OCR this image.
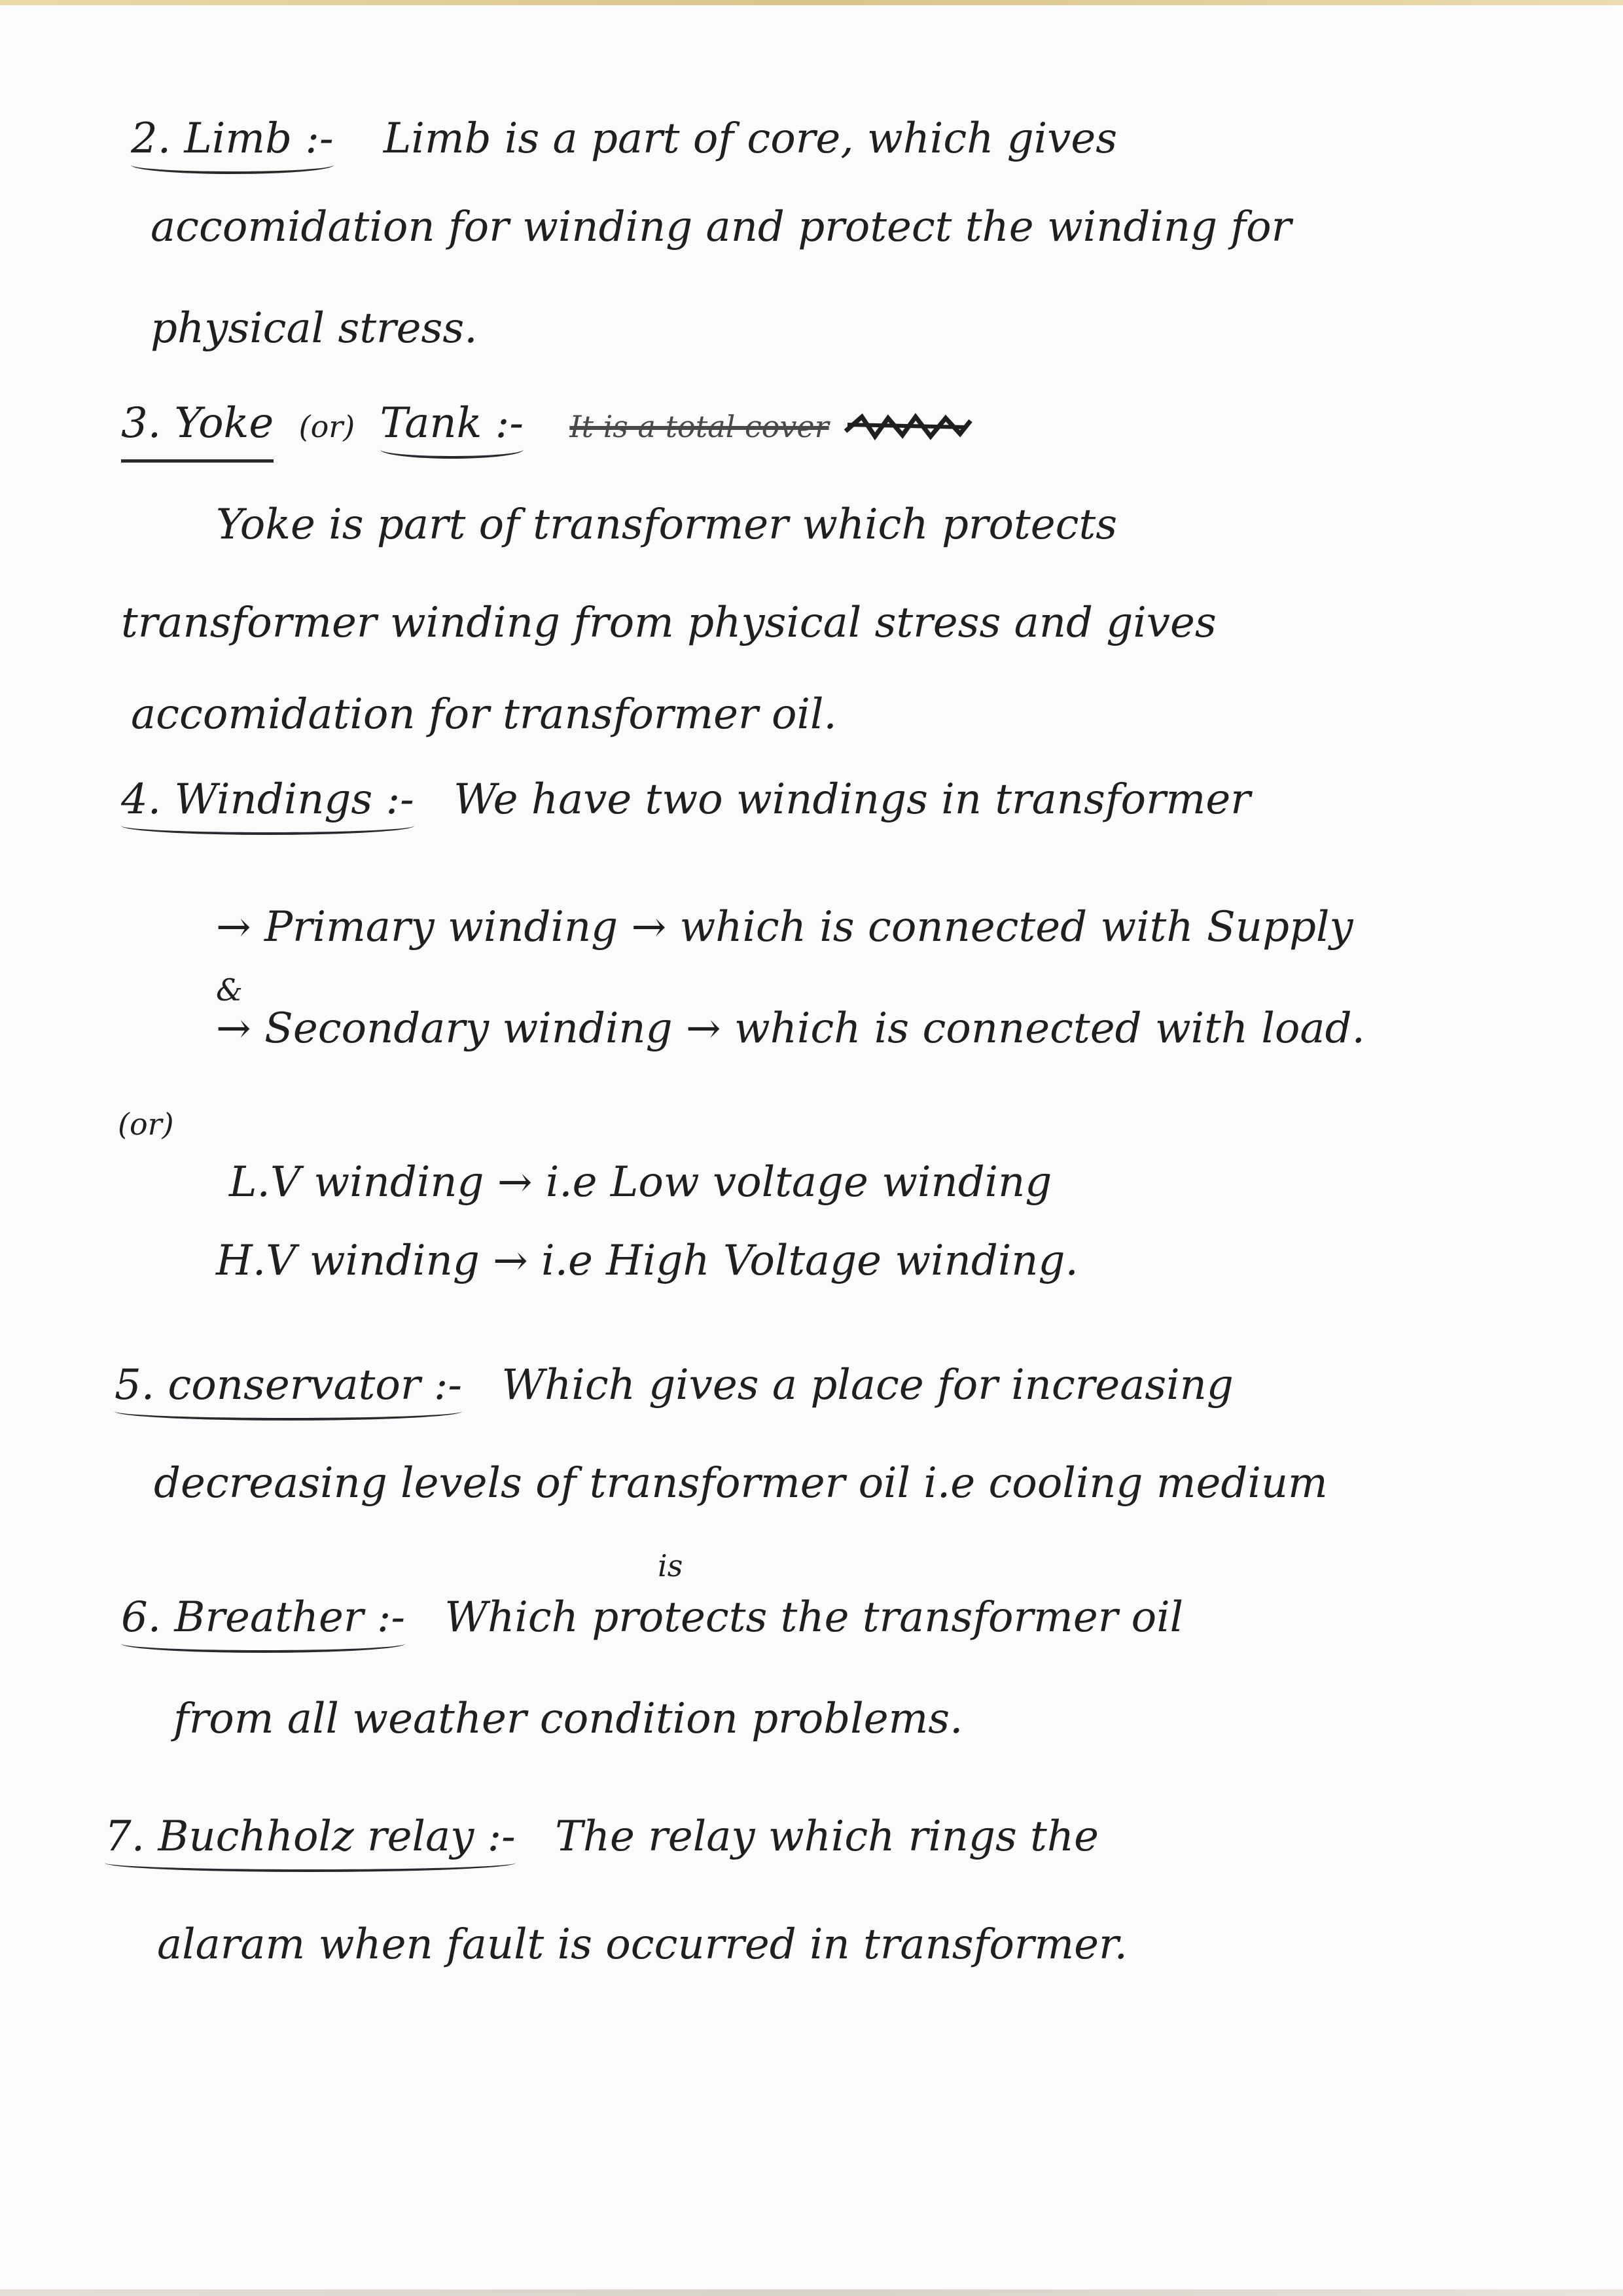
2. Limb :- Limb is a part of core, which gives
accomidation for winding and protect the winding for
physical stress.
3. Yoke (or) Tank :- It is a total cover
Yoke is part of transformer which protects
transformer winding from physical stress and gives
accomidation for transformer oil.
4. Windings :- We have two windings in transformer
→ Primary winding → which is connected with Supply
&
→ Secondary winding → which is connected with load.
(or)
L.V winding → i.e Low voltage winding
H.V winding → i.e High Voltage winding.
5. conservator :- Which gives a place for increasing
decreasing levels of transformer oil i.e cooling medium
is
6. Breather :- Which protects the transformer oil
from all weather condition problems.
7. Buchholz relay :- The relay which rings the
alaram when fault is occurred in transformer.
